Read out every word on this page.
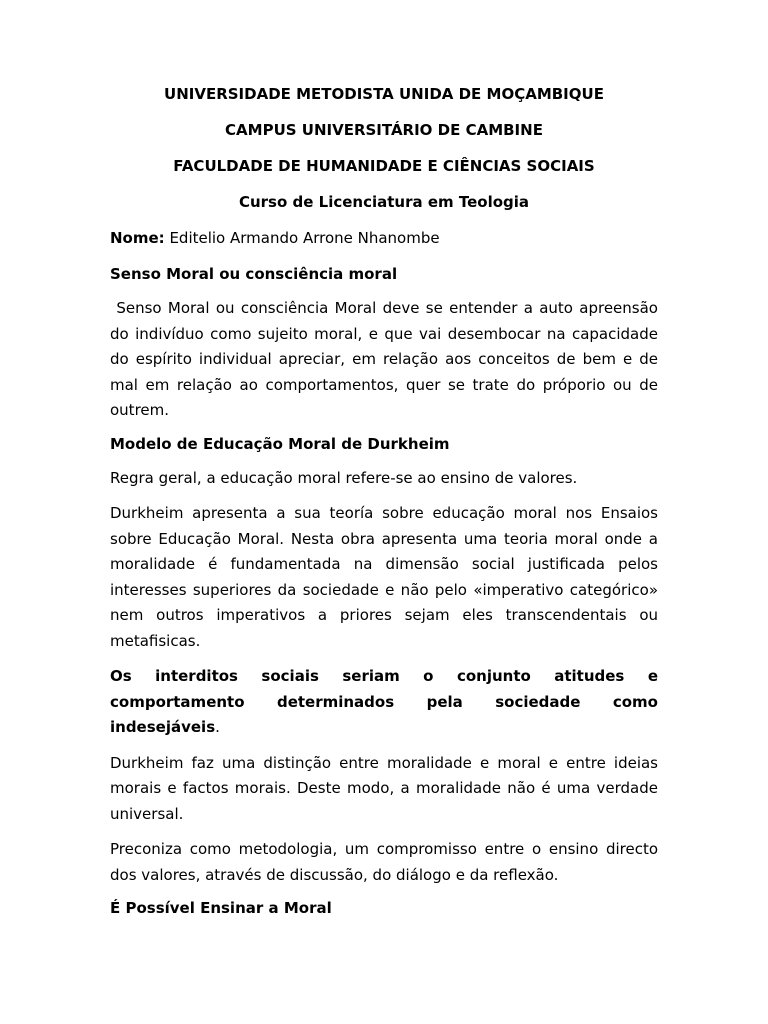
UNIVERSIDADE METODISTA UNIDA DE MOÇAMBIQUE
CAMPUS UNIVERSITÁRIO DE CAMBINE
FACULDADE DE HUMANIDADE E CIÊNCIAS SOCIAIS
Curso de Licenciatura em Teologia
Nome: Editelio Armando Arrone Nhanombe
Senso Moral ou consciência moral

Senso Moral ou consciência Moral deve se entender a auto apreensão do indivíduo como sujeito moral, e que vai desembocar na capacidade do espírito individual apreciar, em relação aos conceitos de bem e de mal em relação ao comportamentos, quer se trate do próporio ou de outrem.

Modelo de Educação Moral de Durkheim

Regra geral, a educação moral refere-se ao ensino de valores.

Durkheim apresenta a sua teoría sobre educação moral nos Ensaios sobre Educação Moral. Nesta obra apresenta uma teoria moral onde a moralidade é fundamentada na dimensão social justificada pelos interesses superiores da sociedade e não pelo «imperativo categórico» nem outros imperativos a priores sejam eles transcendentais ou metafisicas.

Os interditos sociais seriam o conjunto atitudes e comportamento determinados pela sociedade como indesejáveis.

Durkheim faz uma distinção entre moralidade e moral e entre ideias morais e factos morais. Deste modo, a moralidade não é uma verdade universal.

Preconiza como metodologia, um compromisso entre o ensino directo dos valores, através de discussão, do diálogo e da reflexão.

É Possível Ensinar a Moral
